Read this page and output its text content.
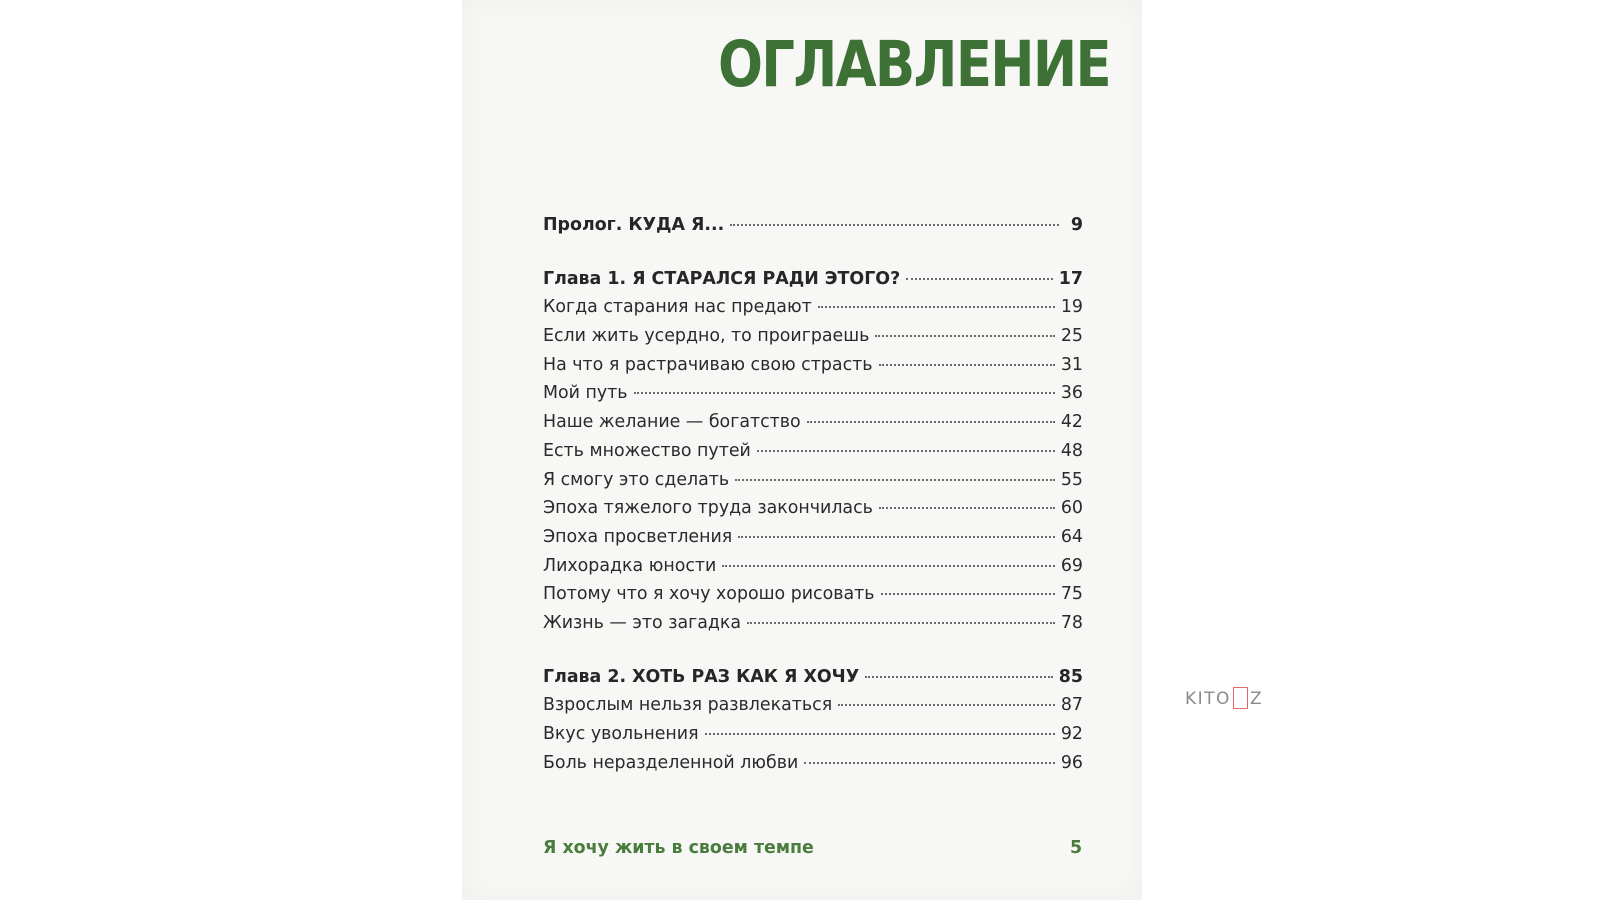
ОГЛАВЛЕНИЕ
Пролог. КУДА Я...	9
Глава 1. Я СТАРАЛСЯ РАДИ ЭТОГО?	17
Когда старания нас предают	19
Если жить усердно, то проиграешь	25
На что я растрачиваю свою страсть	31
Мой путь	36
Наше желание — богатство	42
Есть множество путей	48
Я смогу это сделать	55
Эпоха тяжелого труда закончилась	60
Эпоха просветления	64
Лихорадка юности	69
Потому что я хочу хорошо рисовать	75
Жизнь — это загадка	78
Глава 2. ХОТЬ РАЗ КАК Я ХОЧУ	85
Взрослым нельзя развлекаться	87
Вкус увольнения	92
Боль неразделенной любви	96
Я хочу жить в своем темпе	5
KITO Z
